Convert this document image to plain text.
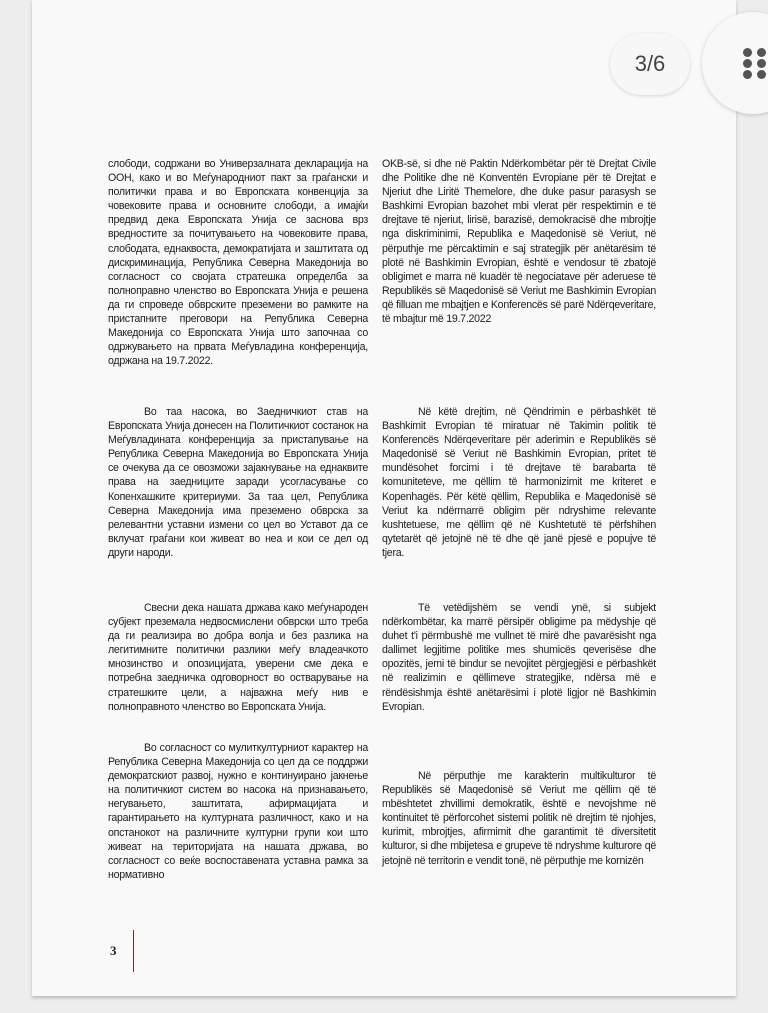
слободи, содржани во Универзалната декларација на ООН, како и во Меѓународниот пакт за граѓански и политички права и во Европската конвенција за човековите права и основните слободи, а имајќи предвид дека Европската Унија се заснова врз вредностите за почитувањето на човековите права, слободата, еднаквоста, демократијата и заштитата од дискриминација, Република Северна Македонија во согласност со својата стратешка определба за полноправно членство во Европската Унија е решена да ги спроведе обврските преземени во рамките на пристапните преговори на Република Северна Македонија со Европската Унија што започнаа со одржувањето на првата Меѓувладина конференција, одржана на 19.7.2022.

Во таа насока, во Заедничкиот став на Европската Унија донесен на Политичкиот состанок на Меѓувладината конференција за пристапување на Република Северна Македонија во Европската Унија се очекува да се овозможи зајакнување на еднаквите права на заедниците заради усогласување со Копенхашките критериуми. За таа цел, Република Северна Македонија има преземено обврска за релевантни уставни измени со цел во Уставот да се вклучат граѓани кои живеат во неа и кои се дел од други народи.

Свесни дека нашата држава како меѓународен субјект преземала недвосмислени обврски што треба да ги реализира во добра волја и без разлика на легитимните политички разлики меѓу владеачкото мнозинство и опозицијата, уверени сме дека е потребна заедничка одговорност во остварување на стратешките цели, а најважна меѓу нив е полноправното членство во Европската Унија.

Во согласност со мулиткултурниот карактер на Република Северна Македонија со цел да се поддржи демократскиот развој, нужно е континуирано јакнење на политичкиот систем во насока на признавањето, негувањето, заштитата, афирмацијата и гарантирањето на културната различност, како и на опстанокот на различните културни групи кои што живеат на територијата на нашата држава, во согласност со веќе воспоставената уставна рамка за нормативно

OKB-së, si dhe në Paktin Ndërkombëtar për të Drejtat Civile dhe Politike dhe në Konventën Evropiane për të Drejtat e Njeriut dhe Liritë Themelore, dhe duke pasur parasysh se Bashkimi Evropian bazohet mbi vlerat për respektimin e të drejtave të njeriut, lirisë, barazisë, demokracisë dhe mbrojtje nga diskriminimi, Republika e Maqedonisë së Veriut, në përputhje me përcaktimin e saj strategjik për anëtarësim të plotë në Bashkimin Evropian, është e vendosur të zbatojë obligimet e marra në kuadër të negociatave për aderuese të Republikës së Maqedonisë së Veriut me Bashkimin Evropian që filluan me mbajtjen e Konferencës së parë Ndërqeveritare, të mbajtur më 19.7.2022

Në këtë drejtim, në Qëndrimin e përbashkët të Bashkimit Evropian të miratuar në Takimin politik të Konferencës Ndërqeveritare për aderimin e Republikës së Maqedonisë së Veriut në Bashkimin Evropian, pritet të mundësohet forcimi i të drejtave të barabarta të komuniteteve, me qëllim të harmonizimit me kriteret e Kopenhagës. Për këtë qëllim, Republika e Maqedonisë së Veriut ka ndërmarrë obligim për ndryshime relevante kushtetuese, me qëllim që në Kushtetutë të përfshihen qytetarët që jetojnë në të dhe që janë pjesë e popujve të tjera.

Të vetëdijshëm se vendi ynë, si subjekt ndërkombëtar, ka marrë përsipër obligime pa mëdyshje që duhet t'i përmbushë me vullnet të mirë dhe pavarësisht nga dallimet legjitime politike mes shumicës qeverisëse dhe opozitës, jemi të bindur se nevojitet përgjegjësi e përbashkët në realizimin e qëllimeve strategjike, ndërsa më e rëndësishmja është anëtarësimi i plotë ligjor në Bashkimin Evropian.

Në përputhje me karakterin multikulturor të Republikës së Maqedonisë së Veriut me qëllim që të mbështetet zhvillimi demokratik, është e nevojshme në kontinuitet të përforcohet sistemi politik në drejtim të njohjes, kurimit, mbrojtjes, afirmimit dhe garantimit të diversitetit kulturor, si dhe mbijetesa e grupeve të ndryshme kulturore që jetojnë në territorin e vendit tonë, në përputhje me kornizën

3
3/6
